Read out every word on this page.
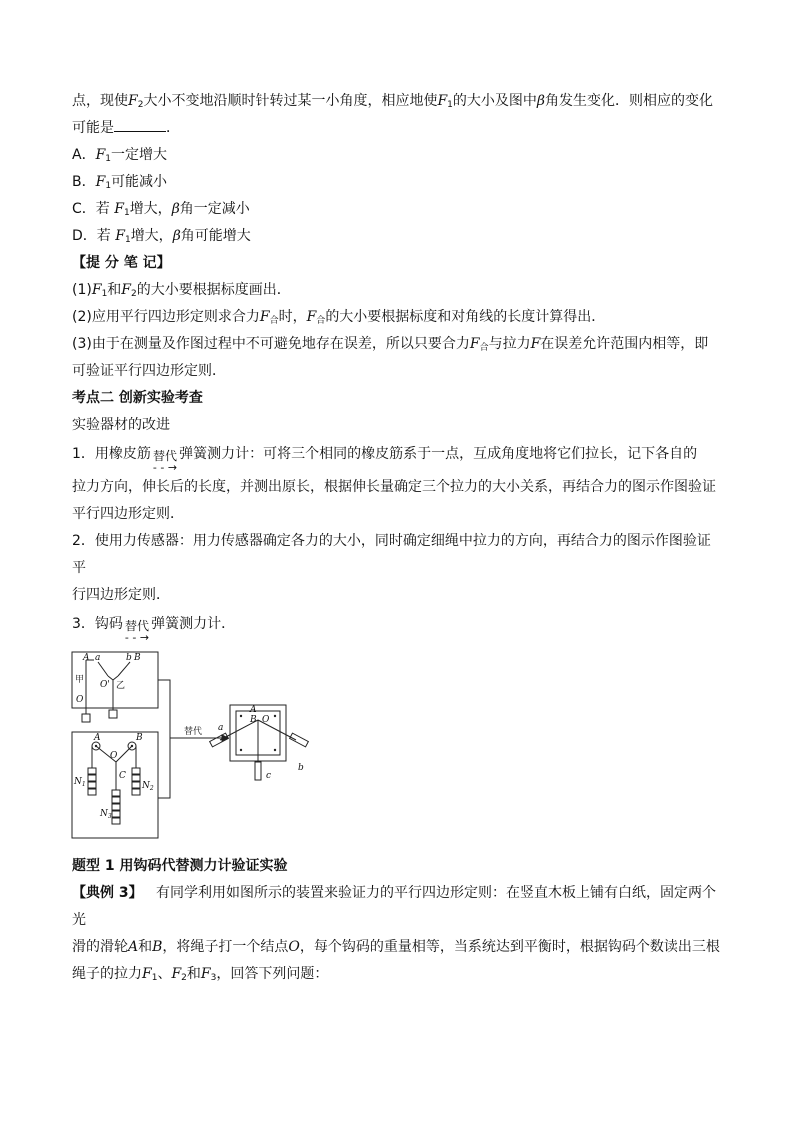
点，现使$F_2$大小不变地沿顺时针转过某一小角度，相应地使$F_1$的大小及图中β角发生变化．则相应的变化

可能是	．

A．$F_1$一定增大

B．$F_1$可能减小

C．若 $F_1$增大，β角一定减小

D．若 $F_1$增大，β角可能增大

【提 分 笔 记】

$(1)F_1$和$F_2$的大小要根据标度画出．

(2)应用平行四边形定则求合力$F_合$时，$F_合$的大小要根据标度和对角线的长度计算得出．

(3)由于在测量及作图过程中不可避免地存在误差，所以只要合力$F_合$与拉力F在误差允许范围内相等，即

可验证平行四边形定则．

考点二 创新实验考查

实验器材的改进

1．用橡皮筋 替代
- - →
弹簧测力计：可将三个相同的橡皮筋系于一点，互成角度地将它们拉长，记下各自的

拉力方向，伸长后的长度，并测出原长，根据伸长量确定三个拉力的大小关系，再结合力的图示作图验证

平行四边形定则．

2．使用力传感器：用力传感器确定各力的大小，同时确定细绳中拉力的方向，再结合力的图示作图验证平

行四边形定则．

3．钩码 替代
- - →
弹簧测力计．

A a	b B
O'
甲
乙
O
替代
A
B O
a
b
c
A	B
O
C
$N_1$	$N_2$
$N_3$

题型 1 用钩码代替测力计验证实验

【典例 3】 有同学利用如图所示的装置来验证力的平行四边形定则：在竖直木板上铺有白纸，固定两个光

滑的滑轮A和B，将绳子打一个结点O，每个钩码的重量相等，当系统达到平衡时，根据钩码个数读出三根

绳子的拉力$F_1$、$F_2$和$F_3$，回答下列问题：
